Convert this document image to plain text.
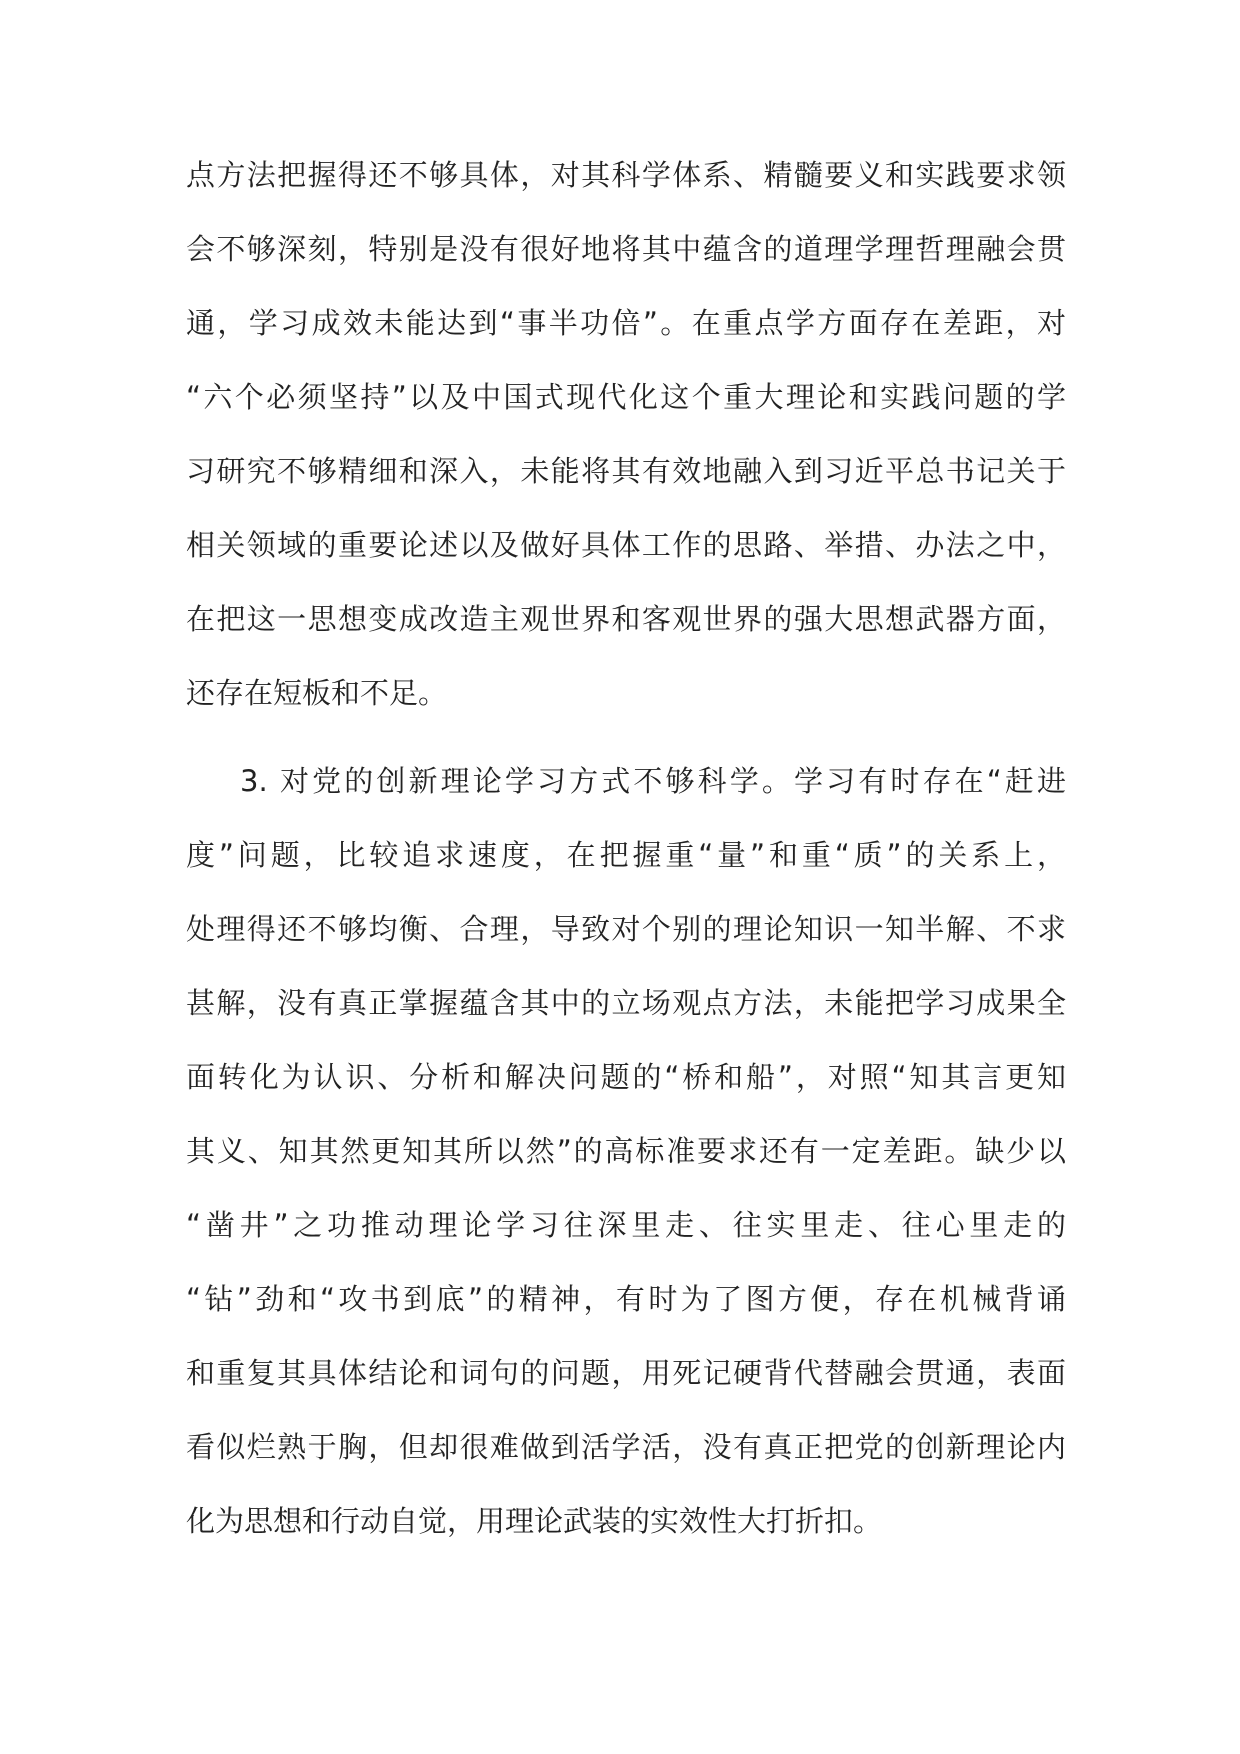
点方法把握得还不够具体，对其科学体系、精髓要义和实践要求领
会不够深刻，特别是没有很好地将其中蕴含的道理学理哲理融会贯
通，学习成效未能达到“事半功倍”。在重点学方面存在差距，对
“六个必须坚持”以及中国式现代化这个重大理论和实践问题的学
习研究不够精细和深入，未能将其有效地融入到习近平总书记关于
相关领域的重要论述以及做好具体工作的思路、举措、办法之中，
在把这一思想变成改造主观世界和客观世界的强大思想武器方面，
还存在短板和不足。
3. 对党的创新理论学习方式不够科学。学习有时存在“赶进
度”问题，比较追求速度，在把握重“量”和重“质”的关系上，
处理得还不够均衡、合理，导致对个别的理论知识一知半解、不求
甚解，没有真正掌握蕴含其中的立场观点方法，未能把学习成果全
面转化为认识、分析和解决问题的“桥和船”，对照“知其言更知
其义、知其然更知其所以然”的高标准要求还有一定差距。缺少以
“凿井”之功推动理论学习往深里走、往实里走、往心里走的
“钻”劲和“攻书到底”的精神，有时为了图方便，存在机械背诵
和重复其具体结论和词句的问题，用死记硬背代替融会贯通，表面
看似烂熟于胸，但却很难做到活学活，没有真正把党的创新理论内
化为思想和行动自觉，用理论武装的实效性大打折扣。
